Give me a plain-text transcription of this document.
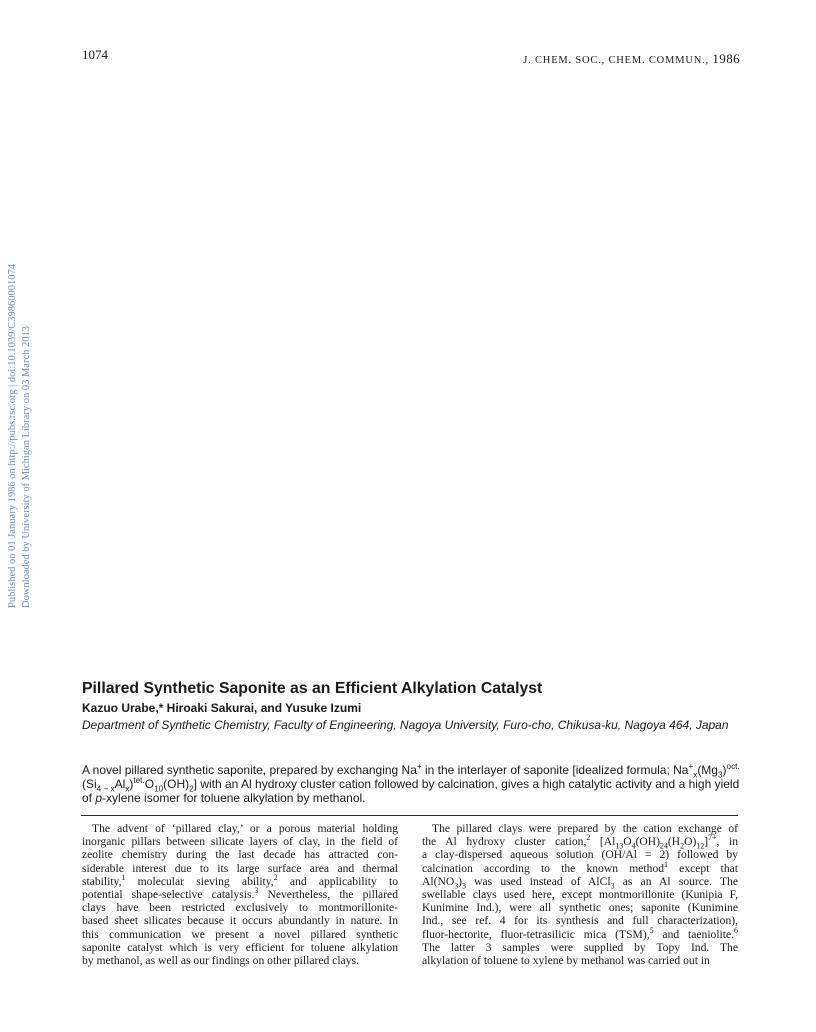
1074	J. CHEM. SOC., CHEM. COMMUN., 1986
Published on 01 January 1986 on http://pubs.rsc.org | doi:10.1039/C39860001074 Downloaded by University of Michigan Library on 03 March 2013
Pillared Synthetic Saponite as an Efficient Alkylation Catalyst
Kazuo Urabe,* Hiroaki Sakurai, and Yusuke Izumi
Department of Synthetic Chemistry, Faculty of Engineering, Nagoya University, Furo-cho, Chikusa-ku, Nagoya 464, Japan
A novel pillared synthetic saponite, prepared by exchanging Na+ in the interlayer of saponite [idealized formula; $Na^+_x(Mg_3)^{oct.}(Si_{4 - x}Al_x)^{tet.}O_{10}(OH)_2$] with an Al hydroxy cluster cation followed by calcination, gives a high catalytic activity and a high yield of p-xylene isomer for toluene alkylation by methanol.
The advent of ‘pillared clay,’ or a porous material holding
inorganic pillars between silicate layers of clay, in the field of
zeolite chemistry during the last decade has attracted con-
siderable interest due to its large surface area and thermal
stability,$^1$ molecular sieving ability,$^2$ and applicability to
potential shape-selective catalysis.$^3$ Nevertheless, the pillared
clays have been restricted exclusively to montmorillonite-
based sheet silicates because it occurs abundantly in nature. In
this communication we present a novel pillared synthetic
saponite catalyst which is very efficient for toluene alkylation
by methanol, as well as our findings on other pillared clays.
The pillared clays were prepared by the cation exchange of
the Al hydroxy cluster cation,$^2$ $[Al_{13}O_4(OH)_{24}(H_2O)_{12}]^{7+}$, in
a clay-dispersed aqueous solution (OH/Al = 2) followed by
calcination according to the known method$^1$ except that
$Al(NO_3)_3$ was used instead of AlCl$_3$ as an Al source. The
swellable clays used here, except montmorillonite (Kunipia F,
Kunimine Ind.), were all synthetic ones; saponite (Kunimine
Ind., see ref. 4 for its synthesis and full characterization),
fluor-hectorite, fluor-tetrasilicic mica (TSM),$^5$ and taeniolite.$^6$
The latter 3 samples were supplied by Topy Ind. The
alkylation of toluene to xylene by methanol was carried out in
